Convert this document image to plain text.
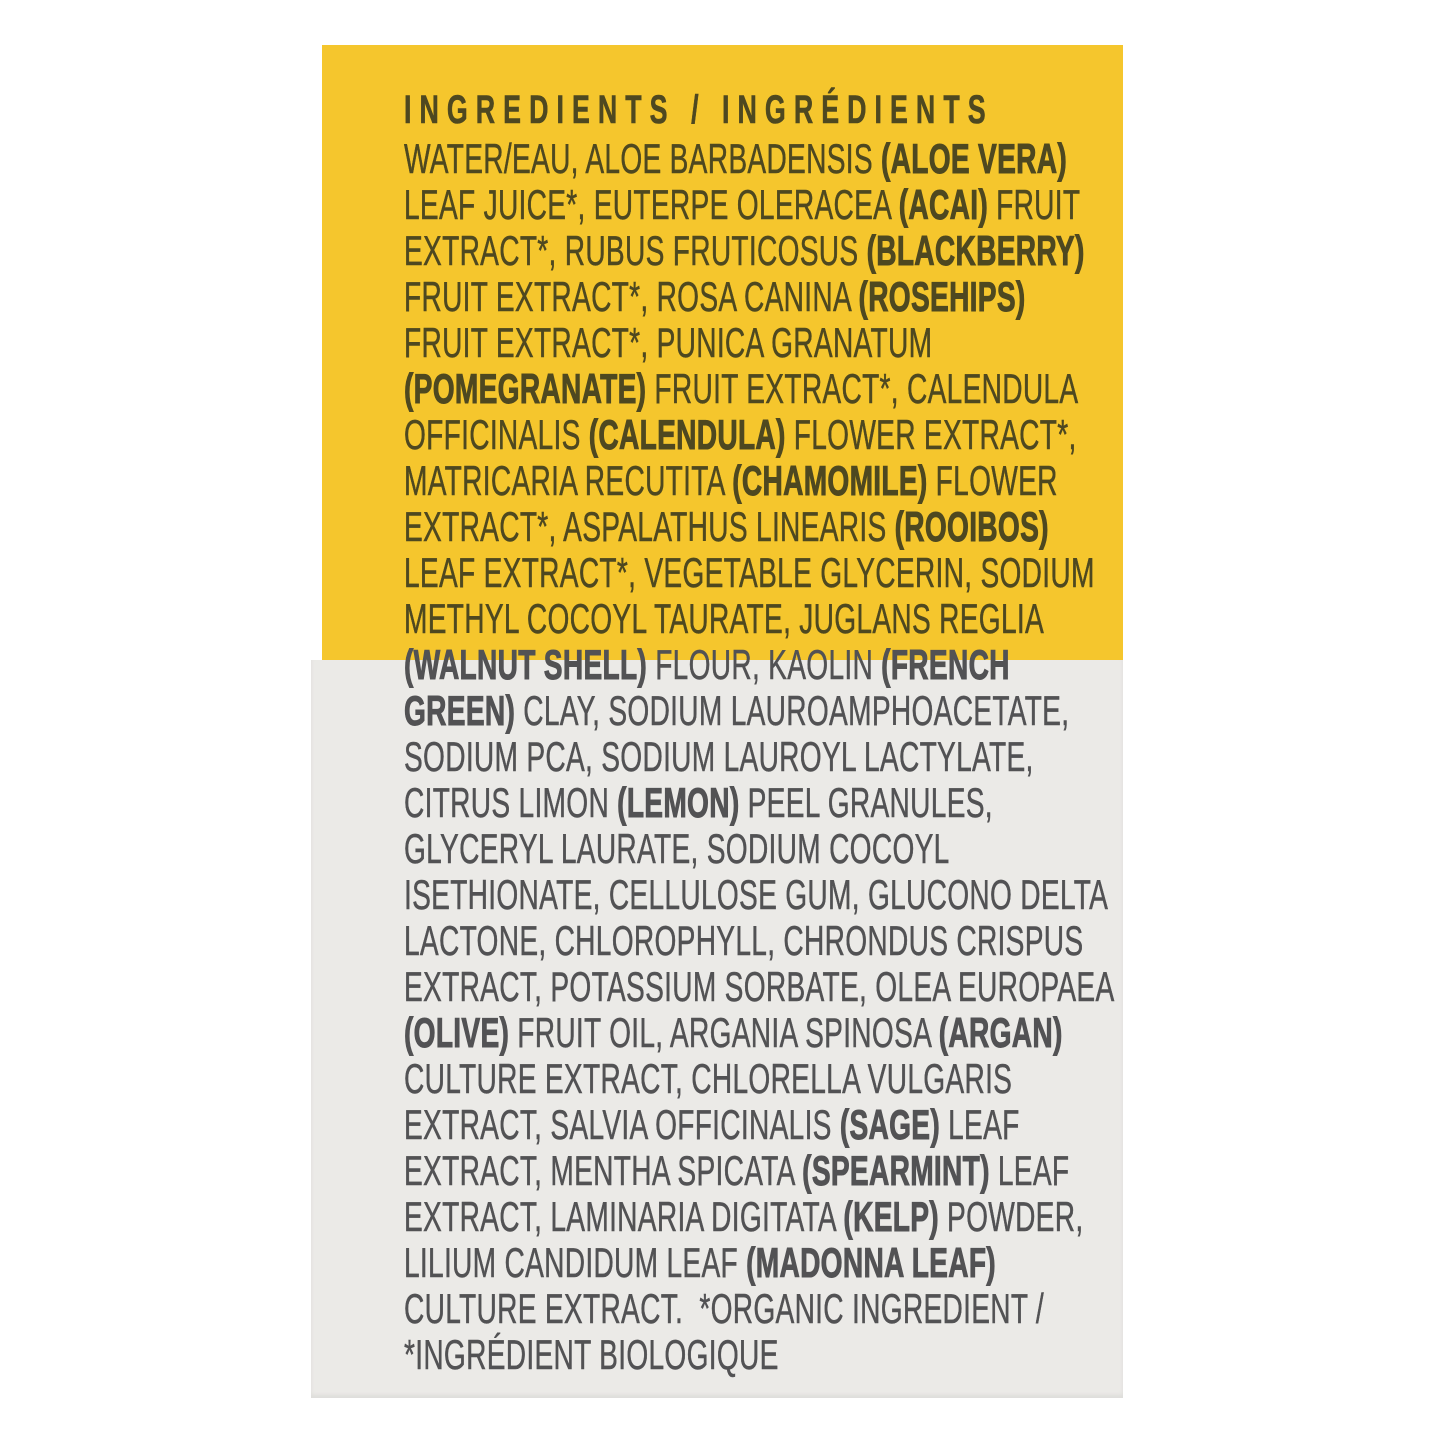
INGREDIENTS / INGRÉDIENTS
WATER/EAU, ALOE BARBADENSIS (ALOE VERA)
LEAF JUICE*, EUTERPE OLERACEA (ACAI) FRUIT
EXTRACT*, RUBUS FRUTICOSUS (BLACKBERRY)
FRUIT EXTRACT*, ROSA CANINA (ROSEHIPS)
FRUIT EXTRACT*, PUNICA GRANATUM
(POMEGRANATE) FRUIT EXTRACT*, CALENDULA
OFFICINALIS (CALENDULA) FLOWER EXTRACT*,
MATRICARIA RECUTITA (CHAMOMILE) FLOWER
EXTRACT*, ASPALATHUS LINEARIS (ROOIBOS)
LEAF EXTRACT*, VEGETABLE GLYCERIN, SODIUM
METHYL COCOYL TAURATE, JUGLANS REGLIA
(WALNUT SHELL) FLOUR, KAOLIN (FRENCH
GREEN) CLAY, SODIUM LAUROAMPHOACETATE,
SODIUM PCA, SODIUM LAUROYL LACTYLATE,
CITRUS LIMON (LEMON) PEEL GRANULES,
GLYCERYL LAURATE, SODIUM COCOYL
ISETHIONATE, CELLULOSE GUM, GLUCONO DELTA
LACTONE, CHLOROPHYLL, CHRONDUS CRISPUS
EXTRACT, POTASSIUM SORBATE, OLEA EUROPAEA
(OLIVE) FRUIT OIL, ARGANIA SPINOSA (ARGAN)
CULTURE EXTRACT, CHLORELLA VULGARIS
EXTRACT, SALVIA OFFICINALIS (SAGE) LEAF
EXTRACT, MENTHA SPICATA (SPEARMINT) LEAF
EXTRACT, LAMINARIA DIGITATA (KELP) POWDER,
LILIUM CANDIDUM LEAF (MADONNA LEAF)
CULTURE EXTRACT.  *ORGANIC INGREDIENT /
*INGRÉDIENT BIOLOGIQUE
